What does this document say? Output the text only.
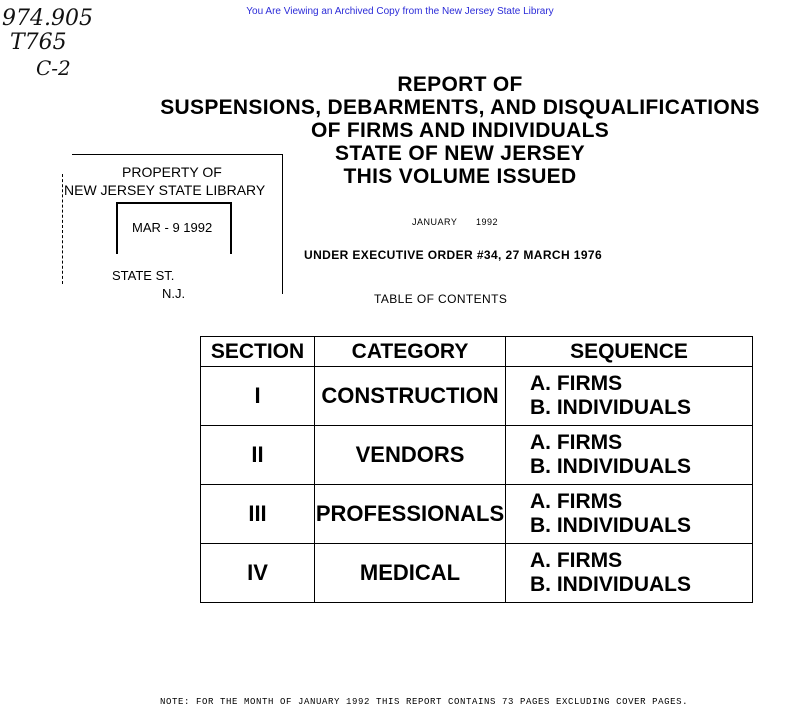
You Are Viewing an Archived Copy from the New Jersey State Library
974.905
T765
C-2
REPORT OF
SUSPENSIONS, DEBARMENTS, AND DISQUALIFICATIONS
OF FIRMS AND INDIVIDUALS
STATE OF NEW JERSEY
THIS VOLUME ISSUED
JANUARY 1992
UNDER EXECUTIVE ORDER #34, 27 MARCH 1976
PROPERTY OF
NEW JERSEY STATE LIBRARY
MAR - 9 1992
STATE ST.
N.J.	TABLE OF CONTENTS
SECTION	CATEGORY	SEQUENCE
I	CONSTRUCTION	A. FIRMS
B. INDIVIDUALS

II	VENDORS	A. FIRMS
B. INDIVIDUALS

III	PROFESSIONALS	A. FIRMS
B. INDIVIDUALS

IV	MEDICAL	A. FIRMS
B. INDIVIDUALS
NOTE: FOR THE MONTH OF JANUARY 1992 THIS REPORT CONTAINS 73 PAGES EXCLUDING COVER PAGES.
